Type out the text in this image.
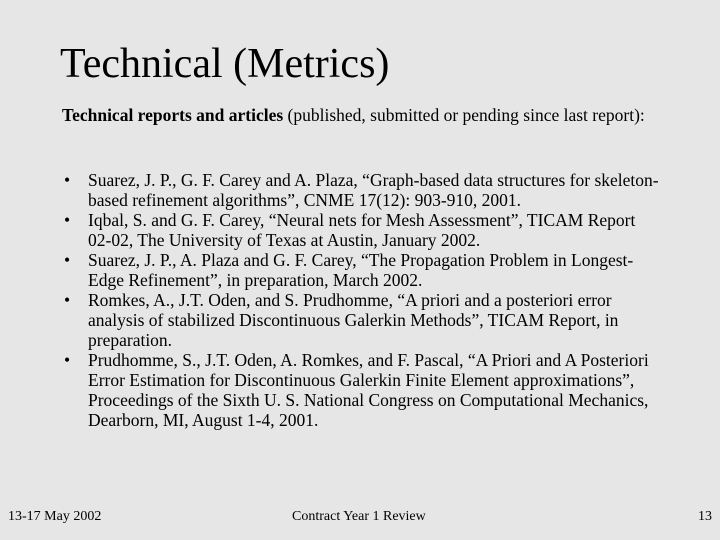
Technical (Metrics)
Technical reports and articles (published, submitted or pending since last report):
• Suarez, J. P., G. F. Carey and A. Plaza, “Graph-based data structures for skeleton-based refinement algorithms”, CNME 17(12): 903-910, 2001.
• Iqbal, S. and G. F. Carey, “Neural nets for Mesh Assessment”, TICAM Report 02-02, The University of Texas at Austin, January 2002.
• Suarez, J. P., A. Plaza and G. F. Carey, “The Propagation Problem in Longest-Edge Refinement”, in preparation, March 2002.
• Romkes, A., J.T. Oden, and S. Prudhomme, “A priori and a posteriori error analysis of stabilized Discontinuous Galerkin Methods”, TICAM Report, in preparation.
• Prudhomme, S., J.T. Oden, A. Romkes, and F. Pascal, “A Priori and A Posteriori Error Estimation for Discontinuous Galerkin Finite Element approximations”, Proceedings of the Sixth U. S. National Congress on Computational Mechanics, Dearborn, MI, August 1-4, 2001.
13-17 May 2002	Contract Year 1 Review	13
